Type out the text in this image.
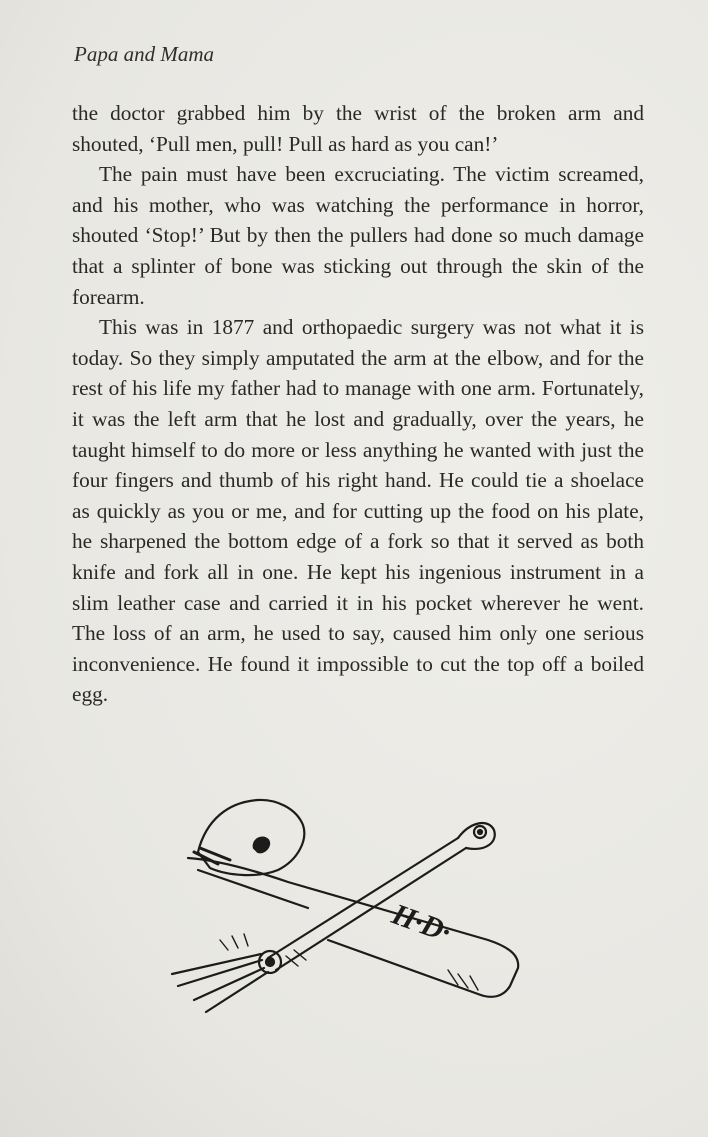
Papa and Mama

the doctor grabbed him by the wrist of the broken arm and shouted, ‘Pull men, pull! Pull as hard as you can!’

The pain must have been excruciating. The victim screamed, and his mother, who was watching the performance in horror, shouted ‘Stop!’ But by then the pullers had done so much damage that a splinter of bone was sticking out through the skin of the forearm.

This was in 1877 and orthopaedic surgery was not what it is today. So they simply amputated the arm at the elbow, and for the rest of his life my father had to manage with one arm. Fortunately, it was the left arm that he lost and gradually, over the years, he taught himself to do more or less anything he wanted with just the four fingers and thumb of his right hand. He could tie a shoelace as quickly as you or me, and for cutting up the food on his plate, he sharpened the bottom edge of a fork so that it served as both knife and fork all in one. He kept his ingenious instrument in a slim leather case and carried it in his pocket wherever he went. The loss of an arm, he used to say, caused him only one serious inconvenience. He found it impossible to cut the top off a boiled egg.

H·D·
